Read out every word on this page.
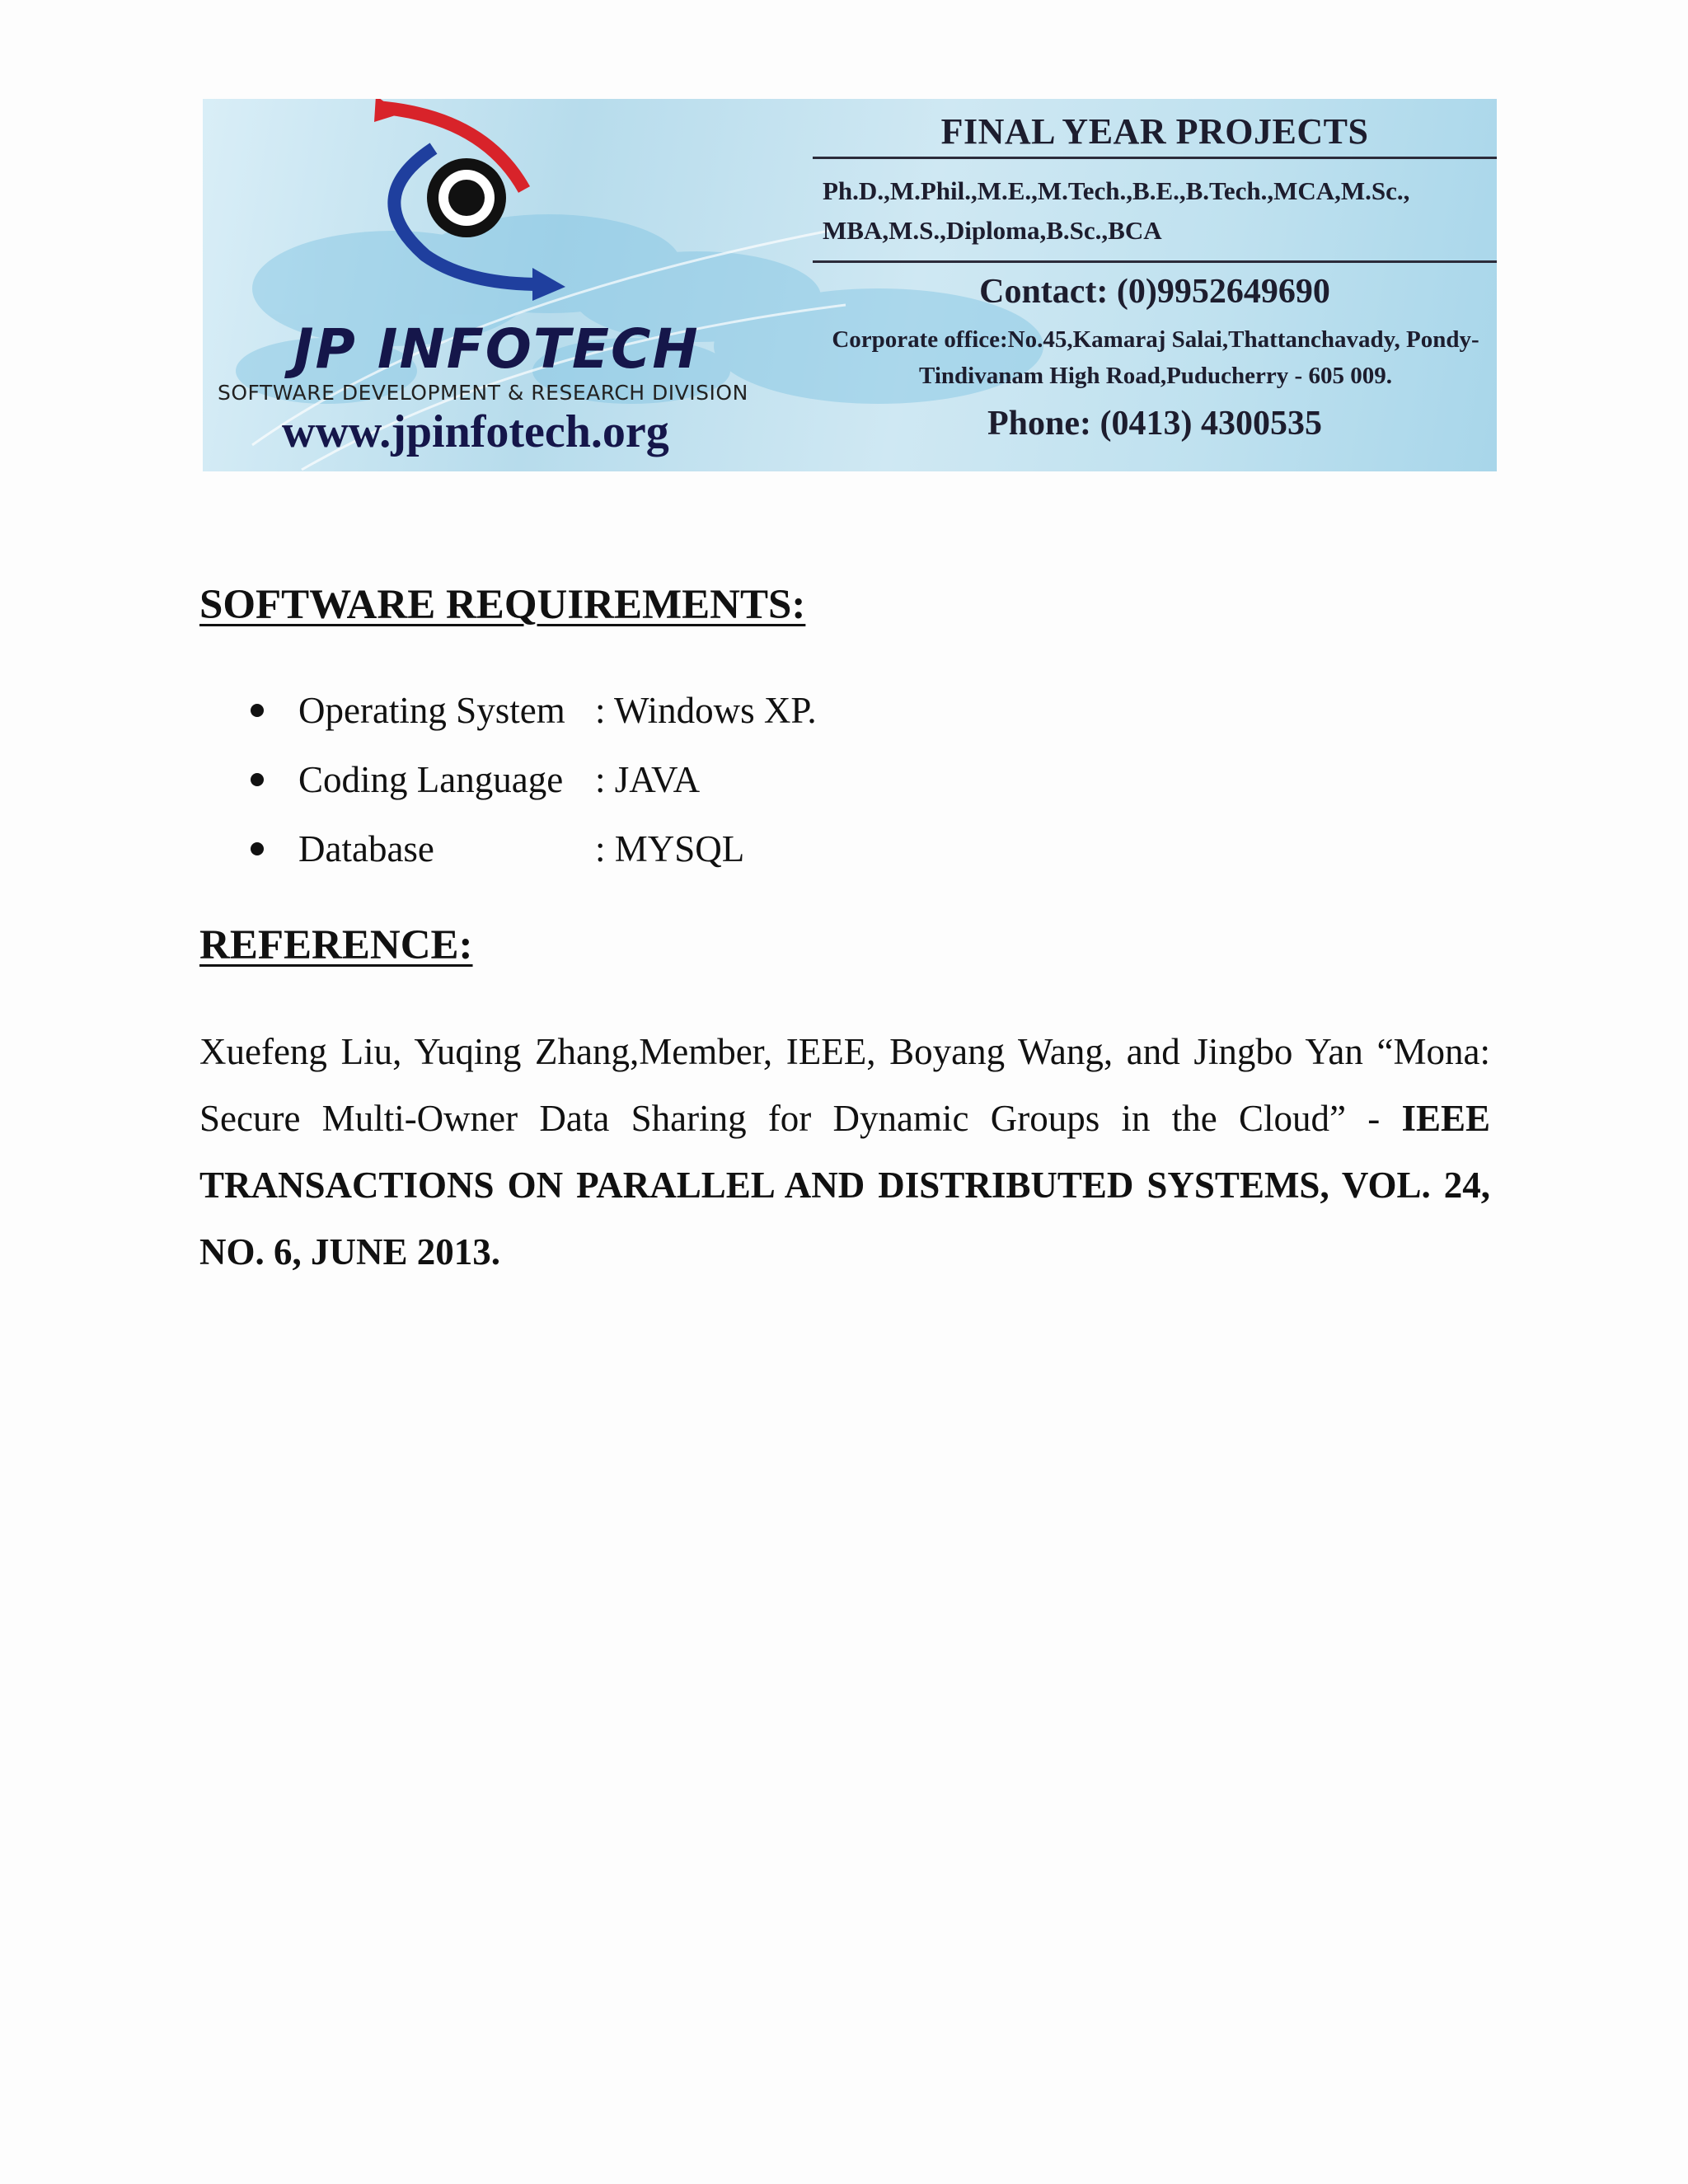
JP INFOTECH
SOFTWARE DEVELOPMENT & RESEARCH DIVISION
www.jpinfotech.org
FINAL YEAR PROJECTS
Ph.D.,M.Phil.,M.E.,M.Tech.,B.E.,B.Tech.,MCA,M.Sc., MBA,M.S.,Diploma,B.Sc.,BCA
Contact: (0)9952649690
Corporate office:No.45,Kamaraj Salai,Thattanchavady, Pondy-Tindivanam High Road,Puducherry - 605 009.
Phone: (0413) 4300535
SOFTWARE REQUIREMENTS:
Operating System : Windows XP.
Coding Language : JAVA
Database	: MYSQL
REFERENCE:
Xuefeng Liu, Yuqing Zhang,Member, IEEE, Boyang Wang, and Jingbo Yan “Mona: Secure Multi-Owner Data Sharing for Dynamic Groups in the Cloud” - IEEE TRANSACTIONS ON PARALLEL AND DISTRIBUTED SYSTEMS, VOL. 24, NO. 6, JUNE 2013.
